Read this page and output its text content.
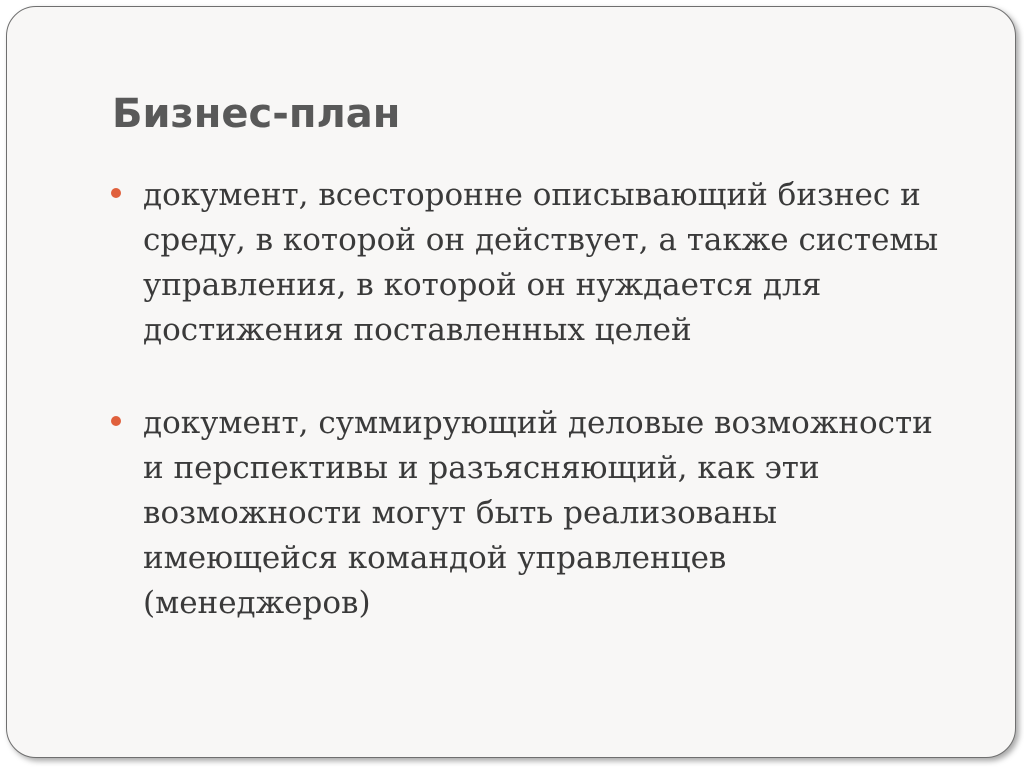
Бизнес-план
документ, всесторонне описывающий бизнес и
среду, в которой он действует, а также системы
управления, в которой он нуждается для
достижения поставленных целей
документ, суммирующий деловые возможности
и перспективы и разъясняющий, как эти
возможности могут быть реализованы
имеющейся командой управленцев
(менеджеров)
